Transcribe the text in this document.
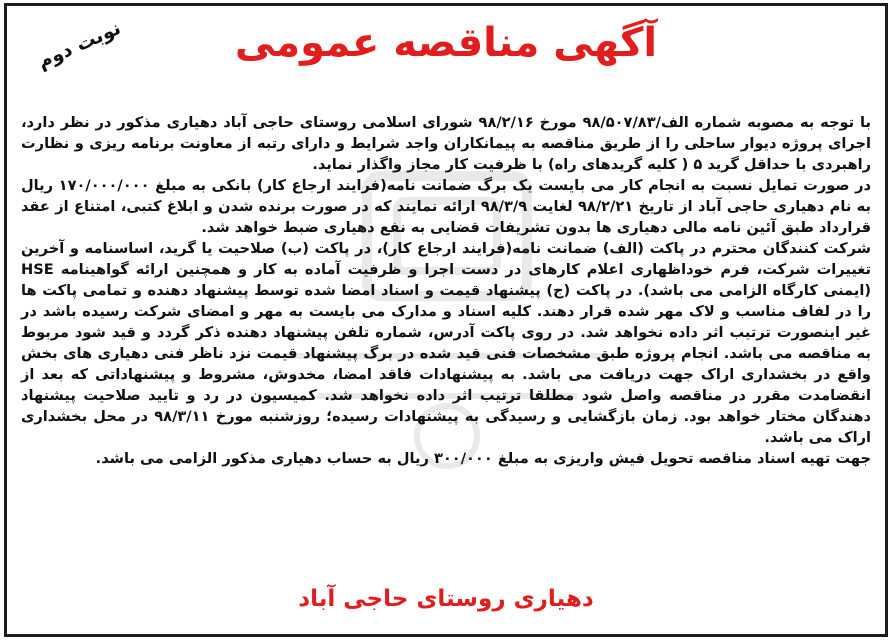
نوبت دوم	آگهی مناقصه عمومی

با توجه به مصوبه شماره الف/۹۸/۵۰۷/۸۳ مورخ ۹۸/۲/۱۶ شورای اسلامی روستای حاجی آباد دهیاری مذکور در نظر دارد، اجرای پروژه دیوار ساحلی را از طریق مناقصه به پیمانکاران واجد شرایط و دارای رتبه از معاونت برنامه ریزی و نظارت راهبردی با حداقل گرید ۵ ( کلیه گریدهای راه) با ظرفیت کار مجاز واگذار نماید.

در صورت تمایل نسبت به انجام کار می بایست یک برگ ضمانت نامه(فرایند ارجاع کار) بانکی به مبلغ ۱۷۰/۰۰۰/۰۰۰ ریال به نام دهیاری حاجی آباد از تاریخ ۹۸/۲/۲۱ لغایت ۹۸/۳/۹ ارائه نمایند که در صورت برنده شدن و ابلاغ کتبی، امتناع از عقد قرارداد طبق آئین نامه مالی دهیاری ها بدون تشریفات قضایی به نفع دهیاری ضبط خواهد شد.

شرکت کنندگان محترم در پاکت (الف) ضمانت نامه(فرایند ارجاع کار)، در پاکت (ب) صلاحیت یا گرید، اساسنامه و آخرین تغییرات شرکت، فرم خوداظهاری اعلام کارهای در دست اجرا و ظرفیت آماده به کار و همچنین ارائه گواهینامه HSE (ایمنی کارگاه الزامی می باشد). در پاکت (ج) پیشنهاد قیمت و اسناد امضا شده توسط پیشنهاد دهنده و تمامی پاکت ها را در لفاف مناسب و لاک مهر شده قرار دهند. کلیه اسناد و مدارک می بایست به مهر و امضای شرکت رسیده باشد در غیر اینصورت ترتیب اثر داده نخواهد شد. در روی پاکت آدرس، شماره تلفن پیشنهاد دهنده ذکر گردد و قید شود مربوط به مناقصه می باشد. انجام پروژه طبق مشخصات فنی قید شده در برگ پیشنهاد قیمت نزد ناظر فنی دهیاری های بخش واقع در بخشداری اراک جهت دریافت می باشد. به پیشنهادات فاقد امضا، مخدوش، مشروط و پیشنهاداتی که بعد از انقضامدت مقرر در مناقصه واصل شود مطلقا ترتیب اثر داده نخواهد شد. کمیسیون در رد و تایید صلاحیت پیشنهاد دهندگان مختار خواهد بود. زمان بازگشایی و رسیدگی به پیشنهادات رسیده؛ روزشنبه مورخ ۹۸/۳/۱۱ در محل بخشداری اراک می باشد.

جهت تهیه اسناد مناقصه تحویل فیش واریزی به مبلغ ۳۰۰/۰۰۰ ریال به حساب دهیاری مذکور الزامی می باشد.

دهیاری روستای حاجی آباد
